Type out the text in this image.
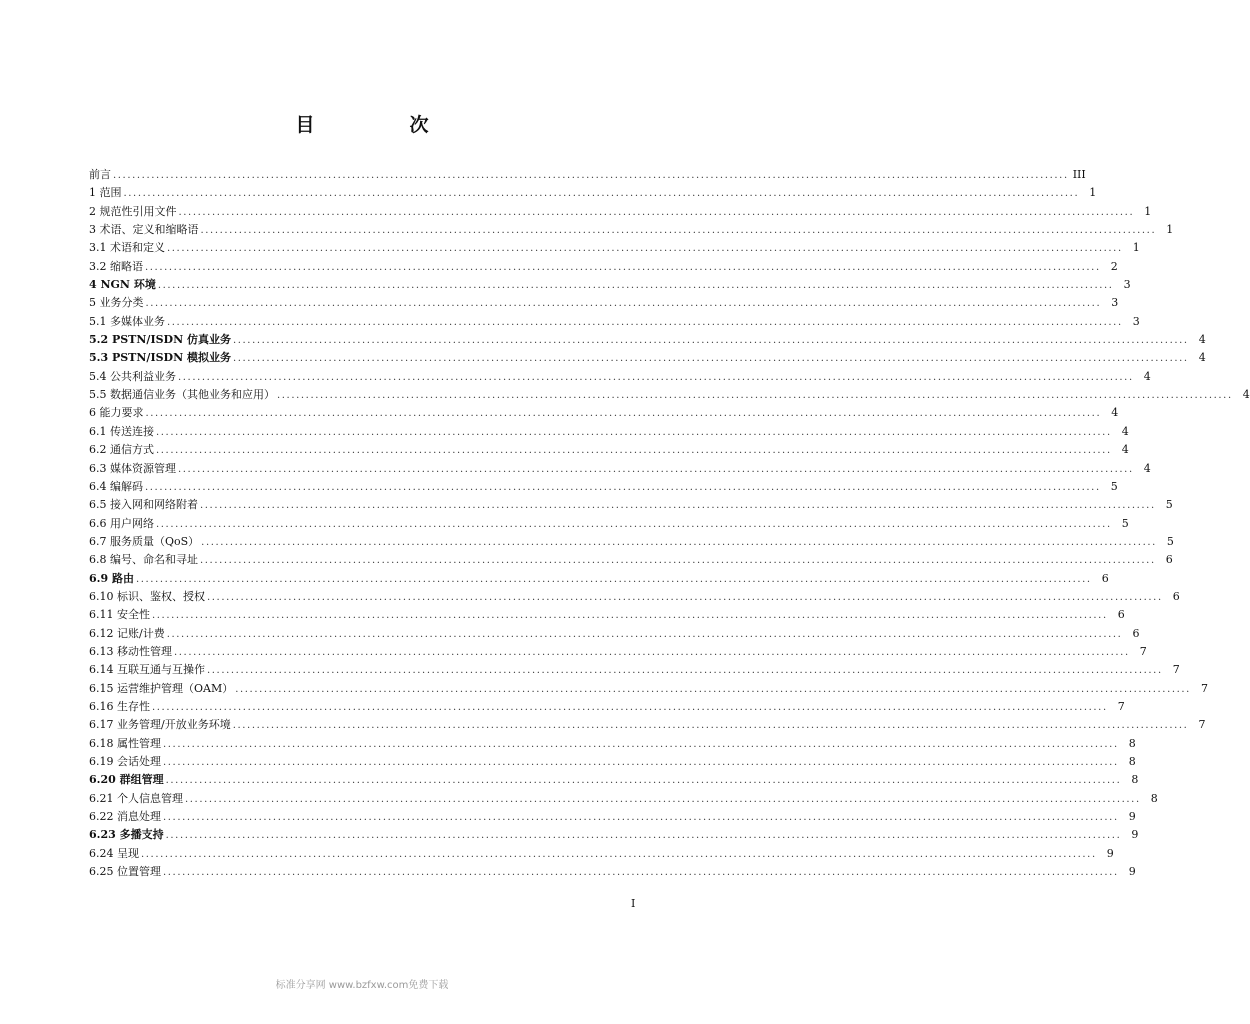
目　次
前言 ........................................................................................................................................................................................................ III
1 范围 ........................................................................................................................................................................................................ 1
2 规范性引用文件 ........................................................................................................................................................................................................ 1
3 术语、定义和缩略语 ........................................................................................................................................................................................................ 1
3.1 术语和定义 ........................................................................................................................................................................................................ 1
3.2 缩略语 ........................................................................................................................................................................................................ 2
4 NGN 环境 ........................................................................................................................................................................................................ 3
5 业务分类 ........................................................................................................................................................................................................ 3
5.1 多媒体业务 ........................................................................................................................................................................................................ 3
5.2 PSTN/ISDN 仿真业务 ........................................................................................................................................................................................................ 4
5.3 PSTN/ISDN 模拟业务 ........................................................................................................................................................................................................ 4
5.4 公共利益业务 ........................................................................................................................................................................................................ 4
5.5 数据通信业务（其他业务和应用） ........................................................................................................................................................................................................ 4
6 能力要求 ........................................................................................................................................................................................................ 4
6.1 传送连接 ........................................................................................................................................................................................................ 4
6.2 通信方式 ........................................................................................................................................................................................................ 4
6.3 媒体资源管理 ........................................................................................................................................................................................................ 4
6.4 编解码 ........................................................................................................................................................................................................ 5
6.5 接入网和网络附着 ........................................................................................................................................................................................................ 5
6.6 用户网络 ........................................................................................................................................................................................................ 5
6.7 服务质量（QoS） ........................................................................................................................................................................................................ 5
6.8 编号、命名和寻址 ........................................................................................................................................................................................................ 6
6.9 路由 ........................................................................................................................................................................................................ 6
6.10 标识、鉴权、授权 ........................................................................................................................................................................................................ 6
6.11 安全性 ........................................................................................................................................................................................................ 6
6.12 记账/计费 ........................................................................................................................................................................................................ 6
6.13 移动性管理 ........................................................................................................................................................................................................ 7
6.14 互联互通与互操作 ........................................................................................................................................................................................................ 7
6.15 运营维护管理（OAM） ........................................................................................................................................................................................................ 7
6.16 生存性 ........................................................................................................................................................................................................ 7
6.17 业务管理/开放业务环境 ........................................................................................................................................................................................................ 7
6.18 属性管理 ........................................................................................................................................................................................................ 8
6.19 会话处理 ........................................................................................................................................................................................................ 8
6.20 群组管理 ........................................................................................................................................................................................................ 8
6.21 个人信息管理 ........................................................................................................................................................................................................ 8
6.22 消息处理 ........................................................................................................................................................................................................ 9
6.23 多播支持 ........................................................................................................................................................................................................ 9
6.24 呈现 ........................................................................................................................................................................................................ 9
6.25 位置管理 ........................................................................................................................................................................................................ 9
I
标准分享网 www.bzfxw.com免费下载
